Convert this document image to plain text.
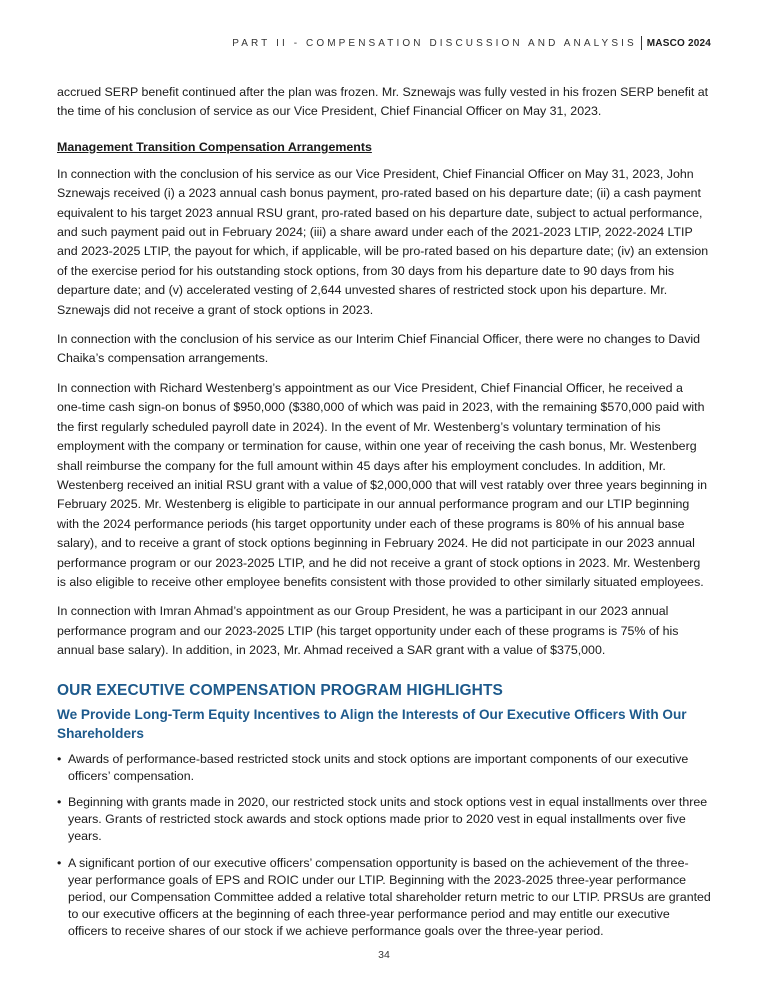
PART II - COMPENSATION DISCUSSION AND ANALYSIS MASCO 2024

accrued SERP benefit continued after the plan was frozen. Mr. Sznewajs was fully vested in his frozen SERP benefit at the time of his conclusion of service as our Vice President, Chief Financial Officer on May 31, 2023.

Management Transition Compensation Arrangements

In connection with the conclusion of his service as our Vice President, Chief Financial Officer on May 31, 2023, John Sznewajs received (i) a 2023 annual cash bonus payment, pro-rated based on his departure date; (ii) a cash payment equivalent to his target 2023 annual RSU grant, pro-rated based on his departure date, subject to actual performance, and such payment paid out in February 2024; (iii) a share award under each of the 2021-2023 LTIP, 2022-2024 LTIP and 2023-2025 LTIP, the payout for which, if applicable, will be pro-rated based on his departure date; (iv) an extension of the exercise period for his outstanding stock options, from 30 days from his departure date to 90 days from his departure date; and (v) accelerated vesting of 2,644 unvested shares of restricted stock upon his departure. Mr. Sznewajs did not receive a grant of stock options in 2023.

In connection with the conclusion of his service as our Interim Chief Financial Officer, there were no changes to David Chaika’s compensation arrangements.

In connection with Richard Westenberg’s appointment as our Vice President, Chief Financial Officer, he received a one-time cash sign-on bonus of $950,000 ($380,000 of which was paid in 2023, with the remaining $570,000 paid with the first regularly scheduled payroll date in 2024). In the event of Mr. Westenberg’s voluntary termination of his employment with the company or termination for cause, within one year of receiving the cash bonus, Mr. Westenberg shall reimburse the company for the full amount within 45 days after his employment concludes. In addition, Mr. Westenberg received an initial RSU grant with a value of $2,000,000 that will vest ratably over three years beginning in February 2025. Mr. Westenberg is eligible to participate in our annual performance program and our LTIP beginning with the 2024 performance periods (his target opportunity under each of these programs is 80% of his annual base salary), and to receive a grant of stock options beginning in February 2024. He did not participate in our 2023 annual performance program or our 2023-2025 LTIP, and he did not receive a grant of stock options in 2023. Mr. Westenberg is also eligible to receive other employee benefits consistent with those provided to other similarly situated employees.

In connection with Imran Ahmad’s appointment as our Group President, he was a participant in our 2023 annual performance program and our 2023-2025 LTIP (his target opportunity under each of these programs is 75% of his annual base salary). In addition, in 2023, Mr. Ahmad received a SAR grant with a value of $375,000.

OUR EXECUTIVE COMPENSATION PROGRAM HIGHLIGHTS
We Provide Long-Term Equity Incentives to Align the Interests of Our Executive Officers With Our Shareholders
• Awards of performance-based restricted stock units and stock options are important components of our executive officers’ compensation.
• Beginning with grants made in 2020, our restricted stock units and stock options vest in equal installments over three years. Grants of restricted stock awards and stock options made prior to 2020 vest in equal installments over five years.
• A significant portion of our executive officers’ compensation opportunity is based on the achievement of the three-year performance goals of EPS and ROIC under our LTIP. Beginning with the 2023-2025 three-year performance period, our Compensation Committee added a relative total shareholder return metric to our LTIP. PRSUs are granted to our executive officers at the beginning of each three-year performance period and may entitle our executive officers to receive shares of our stock if we achieve performance goals over the three-year period.
34
